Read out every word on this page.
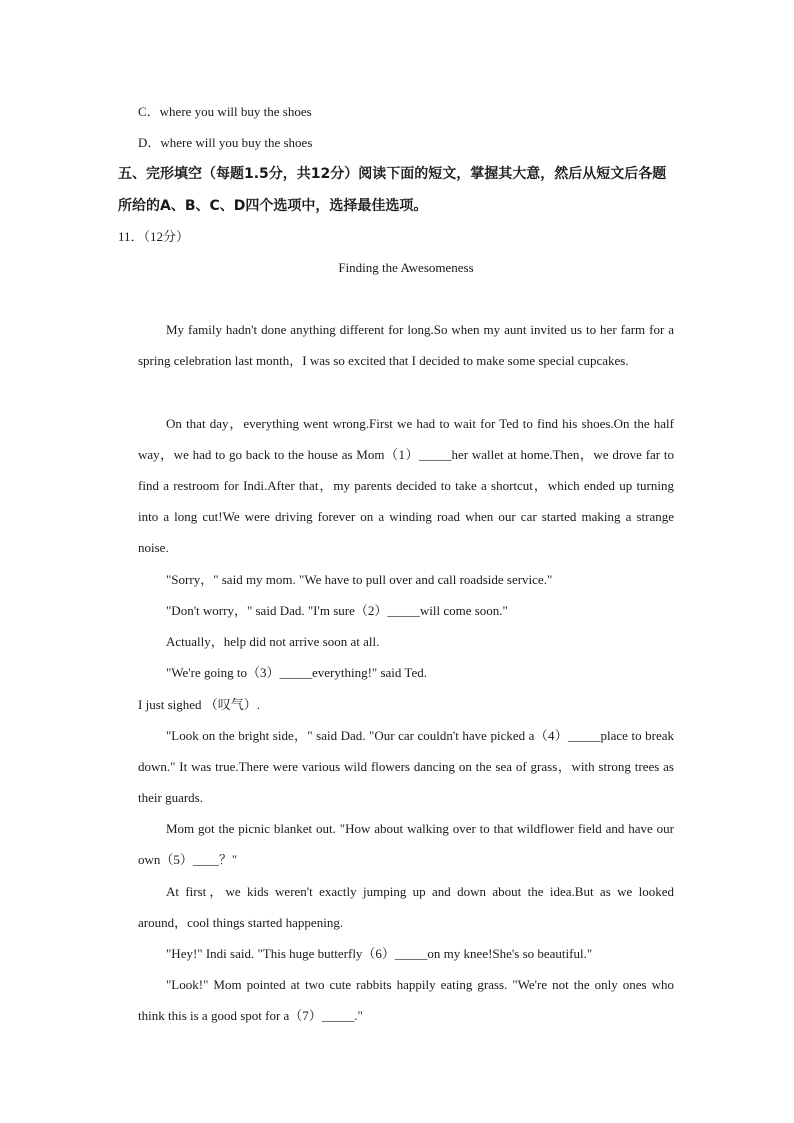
C．where you will buy the shoes
D．where will you buy the shoes
五、完形填空（每题1.5分，共12分）阅读下面的短文，掌握其大意，然后从短文后各题
所给的A、B、C、D四个选项中，选择最佳选项。
11．（12分）
Finding the Awesomeness
My family hadn't done anything different for long.So when my aunt invited us to her farm for a spring celebration last month，I was so excited that I decided to make some special cupcakes.
On that day，everything went wrong.First we had to wait for Ted to find his shoes.On the half way，we had to go back to the house as Mom（1）_____her wallet at home.Then，we drove far to find a restroom for Indi.After that，my parents decided to take a shortcut，which ended up turning into a long cut!We were driving forever on a winding road when our car started making a strange noise.
"Sorry，" said my mom. "We have to pull over and call roadside service."
"Don't worry，" said Dad. "I'm sure（2）_____will come soon."
Actually，help did not arrive soon at all.
"We're going to（3）_____everything!" said Ted.
I just sighed （叹气）.
"Look on the bright side，" said Dad. "Our car couldn't have picked a（4）_____place to break down." It was true.There were various wild flowers dancing on the sea of grass，with strong trees as their guards.
Mom got the picnic blanket out. "How about walking over to that wildflower field and have our own（5）____？"
At first，we kids weren't exactly jumping up and down about the idea.But as we looked around，cool things started happening.
"Hey!" Indi said. "This huge butterfly（6）_____on my knee!She's so beautiful."
"Look!" Mom pointed at two cute rabbits happily eating grass. "We're not the only ones who think this is a good spot for a（7）_____."
